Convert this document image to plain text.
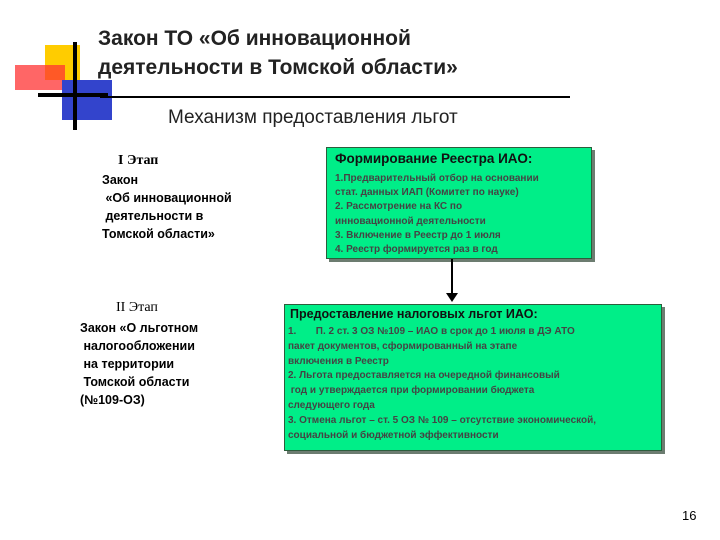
Закон ТО «Об инновационной
деятельности в Томской области»
Механизм предоставления льгот
I Этап
Закон
«Об инновационной
деятельности в
Томской области»
II Этап
Закон «О льготном
налогообложении
на территории
Томской области
(№109-ОЗ)
Формирование Реестра ИАО:
1.Предварительный отбор на основании
стат. данных ИАП (Комитет по науке)
2. Рассмотрение на КС по
инновационной деятельности
3. Включение в Реестр до 1 июля
4. Реестр формируется раз в год
Предоставление налоговых льгот ИАО:
1.       П. 2 ст. 3 ОЗ №109 – ИАО в срок до 1 июля в ДЭ АТО
пакет документов, сформированный на этапе
включения в Реестр
2. Льгота предоставляется на очередной финансовый
год и утверждается при формировании бюджета
следующего года
3. Отмена льгот – ст. 5 ОЗ № 109 – отсутствие экономической,
социальной и бюджетной эффективности
16
